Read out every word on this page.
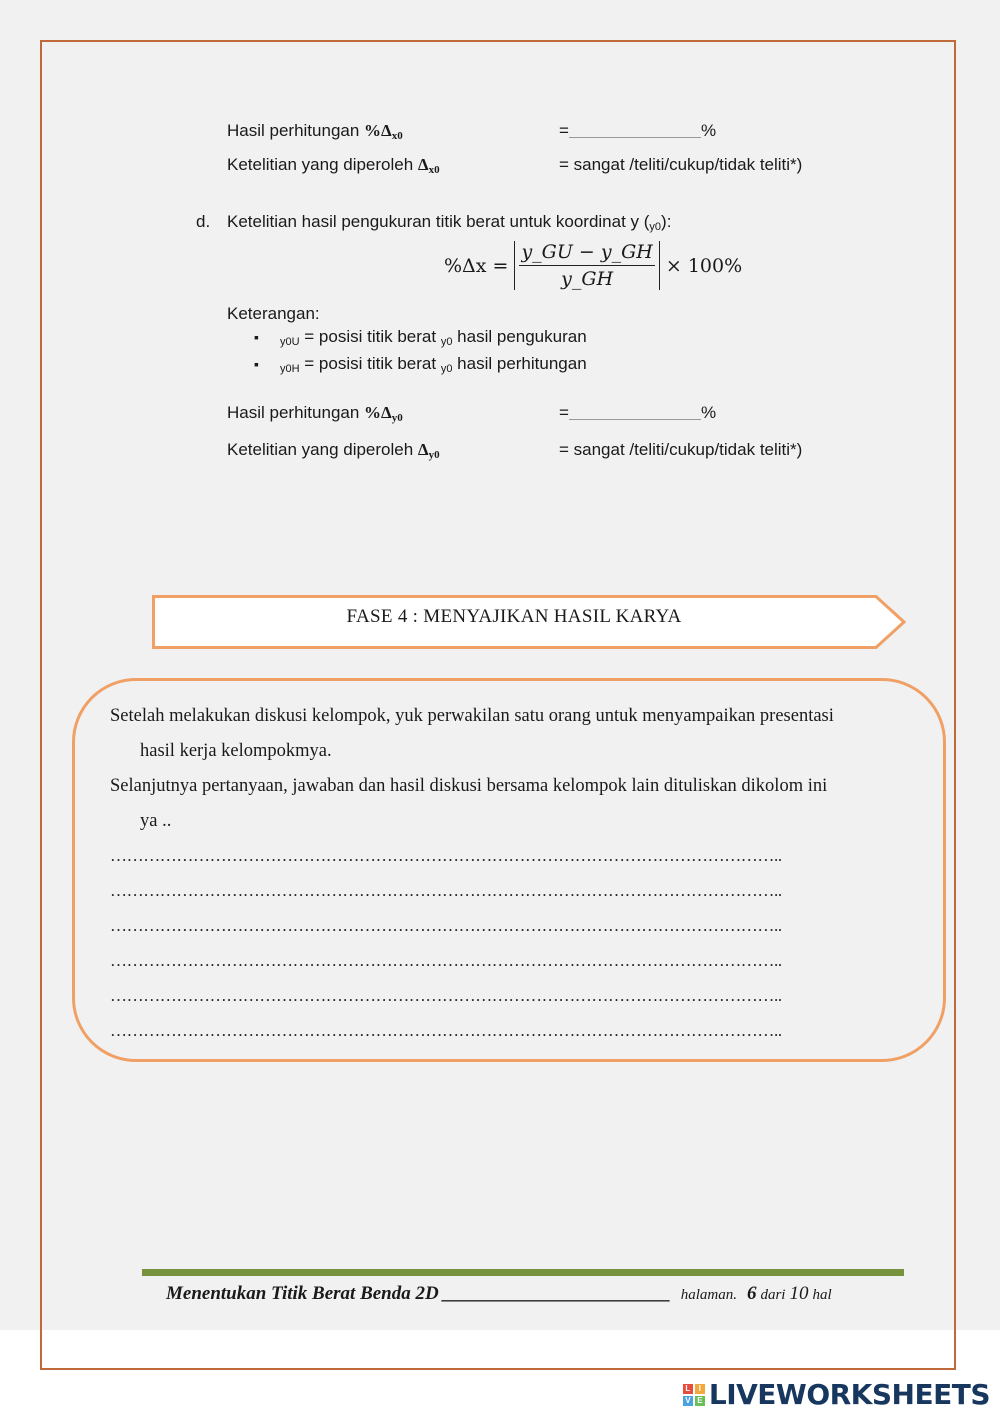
Hasil perhitungan $\%\Delta_{x0}$	=	%
Ketelitian yang diperoleh $\Delta_{x0}$	= sangat /teliti/cukup/tidak teliti*)
d. Ketelitian hasil pengukuran titik berat untuk koordinat y (y0):
$\%\Delta x = \frac{y\_GU - y\_GH}{y\_GH} \times 100\%$
Keterangan:
▪ y0U = posisi titik berat y0 hasil pengukuran
▪ y0H = posisi titik berat y0 hasil perhitungan
Hasil perhitungan $\%\Delta_{y0}$	=	%
Ketelitian yang diperoleh $\Delta_{y0}$	= sangat /teliti/cukup/tidak teliti*)
FASE 4 : MENYAJIKAN HASIL KARYA
Setelah melakukan diskusi kelompok, yuk perwakilan satu orang untuk menyampaikan presentasi
hasil kerja kelompokmya.
Selanjutnya pertanyaan, jawaban dan hasil diskusi bersama kelompok lain dituliskan dikolom ini
ya ..
…………………………………………………………………………………………………………..
…………………………………………………………………………………………………………..
…………………………………………………………………………………………………………..
…………………………………………………………………………………………………………..
…………………………………………………………………………………………………………..
…………………………………………………………………………………………………………..
Menentukan Titik Berat Benda 2D ________________________ halaman. 6 dari 10 hal
L	I
V E LIVEWORKSHEETS
